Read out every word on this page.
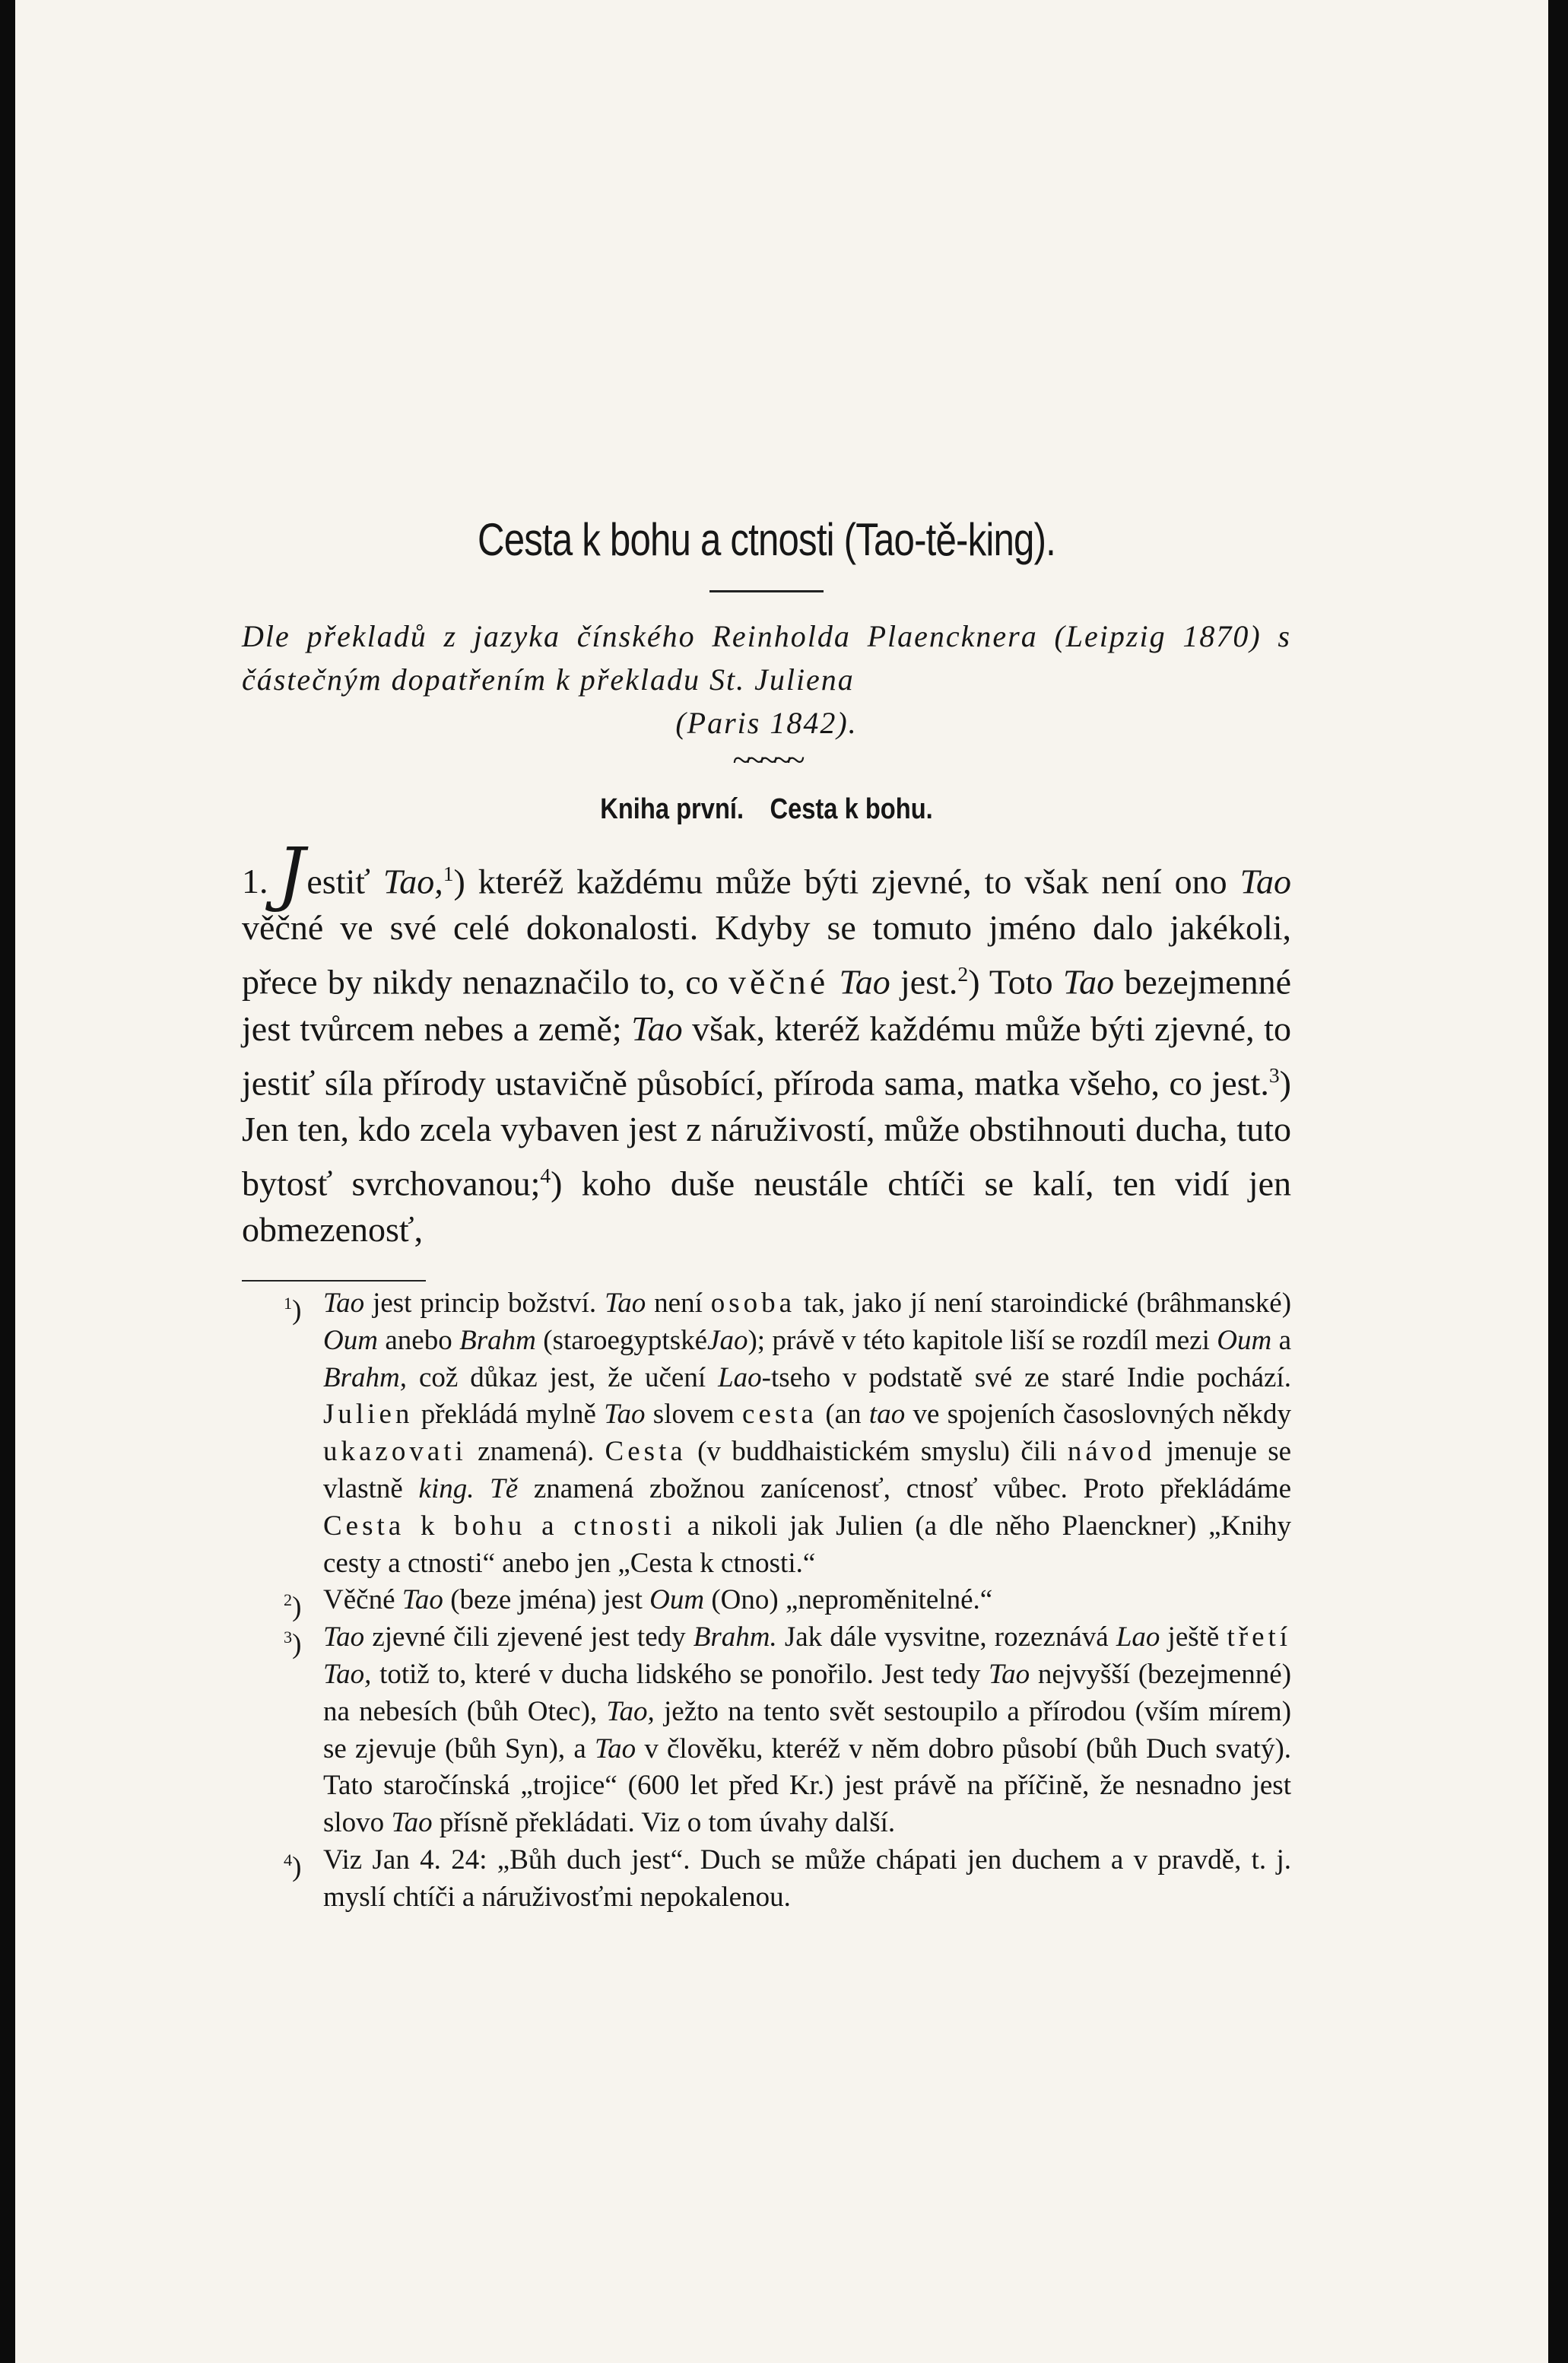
Cesta k bohu a ctnosti (Tao-tě-king).
Dle překladů z jazyka čínského Reinholda Plaencknera (Leipzig 1870) s částečným dopatřením k překladu St. Juliena
(Paris 1842).
~~~~~
Kniha první. Cesta k bohu.
1. Jestiť Tao,$^1$) kteréž každému může býti zjevné, to však není ono Tao věčné ve své celé dokonalosti. Kdyby se tomuto jméno dalo jakékoli, přece by nikdy nenaznačilo to, co věčné Tao jest.$^2$) Toto Tao bezejmenné jest tvůrcem nebes a země; Tao však, kteréž každému může býti zjevné, to jestiť síla přírody ustavičně působící, příroda sama, matka všeho, co jest.$^3$) Jen ten, kdo zcela vybaven jest z náruživostí, může obstihnouti ducha, tuto bytosť svrchovanou;$^4$) koho duše neustále chtíči se kalí, ten vidí jen obmezenosť,

$^1$) Tao jest princip božství. Tao není osoba tak, jako jí není staroindické (brâhmanské) Oum anebo Brahm (staroegyptskéJao); právě v této kapitole liší se rozdíl mezi Oum a Brahm, což důkaz jest, že učení Lao-tseho v podstatě své ze staré Indie pochází. Julien překládá mylně Tao slovem cesta (an tao ve spojeních časoslovných někdy ukazovati znamená). Cesta (v buddhaistickém smyslu) čili návod jmenuje se vlastně king. Tě znamená zbožnou zanícenosť, ctnosť vůbec. Proto překládáme Cesta k bohu a ctnosti a nikoli jak Julien (a dle něho Plaenckner) „Knihy cesty a ctnosti“ anebo jen „Cesta k ctnosti.“

$^2$) Věčné Tao (beze jména) jest Oum (Ono) „neproměnitelné.“

$^3$) Tao zjevné čili zjevené jest tedy Brahm. Jak dále vysvitne, rozeznává Lao ještě třetí Tao, totiž to, které v ducha lidského se ponořilo. Jest tedy Tao nejvyšší (bezejmenné) na nebesích (bůh Otec), Tao, ježto na tento svět sestoupilo a přírodou (vším mírem) se zjevuje (bůh Syn), a Tao v člověku, kteréž v něm dobro působí (bůh Duch svatý). Tato staročínská „trojice“ (600 let před Kr.) jest právě na příčině, že nesnadno jest slovo Tao přísně překládati. Viz o tom úvahy další.

$^4$) Viz Jan 4. 24: „Bůh duch jest“. Duch se může chápati jen duchem a v pravdě, t. j. myslí chtíči a náruživosťmi nepokalenou.
